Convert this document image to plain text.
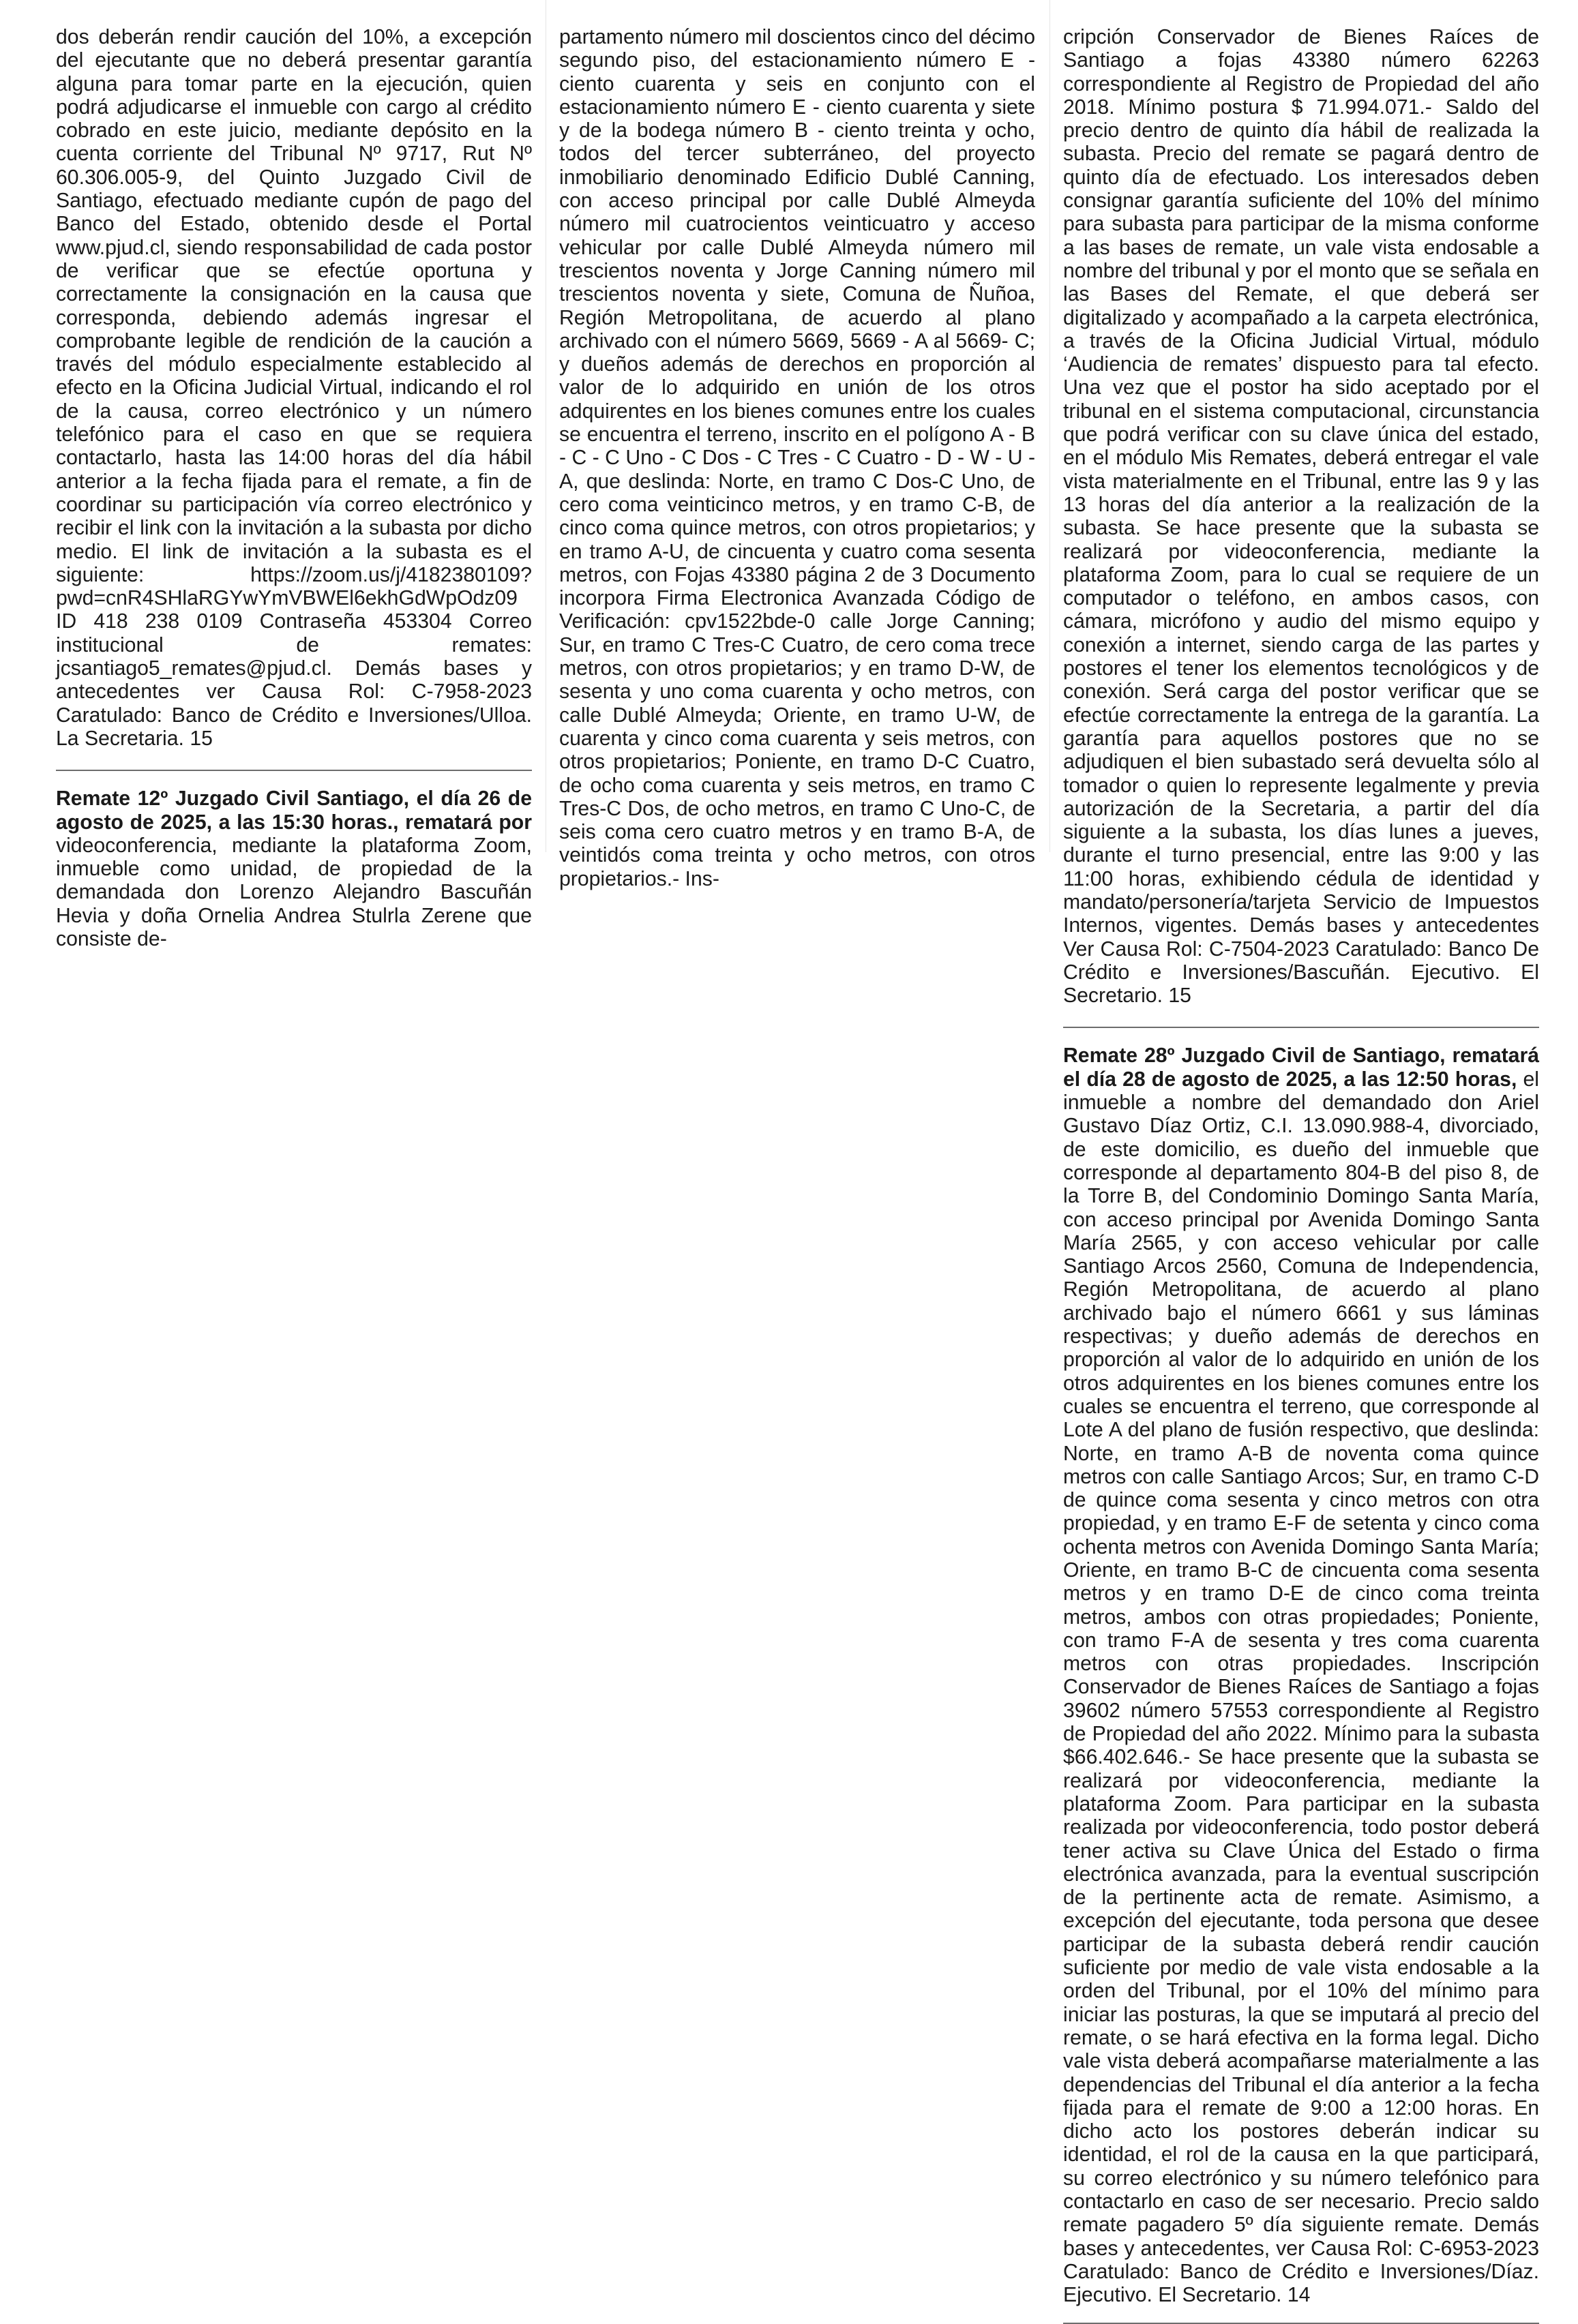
dos deberán rendir caución del 10%, a excepción del ejecutante que no deberá presentar garantía alguna para tomar parte en la ejecución, quien podrá adjudicarse el inmueble con cargo al crédito cobrado en este juicio, mediante depósito en la cuenta corriente del Tribunal Nº 9717, Rut Nº 60.306.005-9, del Quinto Juzgado Civil de Santiago, efectuado mediante cupón de pago del Banco del Estado, obtenido desde el Portal www.pjud.cl, siendo responsabilidad de cada postor de verificar que se efectúe oportuna y correctamente la consignación en la causa que corresponda, debiendo además ingresar el comprobante legible de rendición de la caución a través del módulo especialmente establecido al efecto en la Oficina Judicial Virtual, indicando el rol de la causa, correo electrónico y un número telefónico para el caso en que se requiera contactarlo, hasta las 14:00 horas del día hábil anterior a la fecha fijada para el remate, a fin de coordinar su participación vía correo electrónico y recibir el link con la invitación a la subasta por dicho medio. El link de invitación a la subasta es el siguiente: https://zoom.us/j/4182380109?pwd=cnR4SHlaRGYwYmVBWEl6ekhGdWpOdz09 ID 418 238 0109 Contraseña 453304 Correo institucional de remates: jcsantiago5_remates@pjud.cl. Demás bases y antecedentes ver Causa Rol: C-7958-2023 Caratulado: Banco de Crédito e Inversiones/Ulloa. La Secretaria. 15

Remate 12º Juzgado Civil Santiago, el día 26 de agosto de 2025, a las 15:30 horas., rematará por videoconferencia, mediante la plataforma Zoom, inmueble como unidad, de propiedad de la demandada don Lorenzo Alejandro Bascuñán Hevia y doña Ornelia Andrea Stulrla Zerene que consiste de-

partamento número mil doscientos cinco del décimo segundo piso, del estacionamiento número E - ciento cuarenta y seis en conjunto con el estacionamiento número E - ciento cuarenta y siete y de la bodega número B - ciento treinta y ocho, todos del tercer subterráneo, del proyecto inmobiliario denominado Edificio Dublé Canning, con acceso principal por calle Dublé Almeyda número mil cuatrocientos veinticuatro y acceso vehicular por calle Dublé Almeyda número mil trescientos noventa y Jorge Canning número mil trescientos noventa y siete, Comuna de Ñuñoa, Región Metropolitana, de acuerdo al plano archivado con el número 5669, 5669 - A al 5669- C; y dueños además de derechos en proporción al valor de lo adquirido en unión de los otros adquirentes en los bienes comunes entre los cuales se encuentra el terreno, inscrito en el polígono A - B - C - C Uno - C Dos - C Tres - C Cuatro - D - W - U - A, que deslinda: Norte, en tramo C Dos-C Uno, de cero coma veinticinco metros, y en tramo C-B, de cinco coma quince metros, con otros propietarios; y en tramo A-U, de cincuenta y cuatro coma sesenta metros, con Fojas 43380 página 2 de 3 Documento incorpora Firma Electronica Avanzada Código de Verificación: cpv1522bde-0 calle Jorge Canning; Sur, en tramo C Tres-C Cuatro, de cero coma trece metros, con otros propietarios; y en tramo D-W, de sesenta y uno coma cuarenta y ocho metros, con calle Dublé Almeyda; Oriente, en tramo U-W, de cuarenta y cinco coma cuarenta y seis metros, con otros propietarios; Poniente, en tramo D-C Cuatro, de ocho coma cuarenta y seis metros, en tramo C Tres-C Dos, de ocho metros, en tramo C Uno-C, de seis coma cero cuatro metros y en tramo B-A, de veintidós coma treinta y ocho metros, con otros propietarios.- Ins-

cripción Conservador de Bienes Raíces de Santiago a fojas 43380 número 62263 correspondiente al Registro de Propiedad del año 2018. Mínimo postura $ 71.994.071.- Saldo del precio dentro de quinto día hábil de realizada la subasta. Precio del remate se pagará dentro de quinto día de efectuado. Los interesados deben consignar garantía suficiente del 10% del mínimo para subasta para participar de la misma conforme a las bases de remate, un vale vista endosable a nombre del tribunal y por el monto que se señala en las Bases del Remate, el que deberá ser digitalizado y acompañado a la carpeta electrónica, a través de la Oficina Judicial Virtual, módulo ‘Audiencia de remates’ dispuesto para tal efecto. Una vez que el postor ha sido aceptado por el tribunal en el sistema computacional, circunstancia que podrá verificar con su clave única del estado, en el módulo Mis Remates, deberá entregar el vale vista materialmente en el Tribunal, entre las 9 y las 13 horas del día anterior a la realización de la subasta. Se hace presente que la subasta se realizará por videoconferencia, mediante la plataforma Zoom, para lo cual se requiere de un computador o teléfono, en ambos casos, con cámara, micrófono y audio del mismo equipo y conexión a internet, siendo carga de las partes y postores el tener los elementos tecnológicos y de conexión. Será carga del postor verificar que se efectúe correctamente la entrega de la garantía. La garantía para aquellos postores que no se adjudiquen el bien subastado será devuelta sólo al tomador o quien lo represente legalmente y previa autorización de la Secretaria, a partir del día siguiente a la subasta, los días lunes a jueves, durante el turno presencial, entre las 9:00 y las 11:00 horas, exhibiendo cédula de identidad y mandato/personería/tarjeta Servicio de Impuestos Internos, vigentes. Demás bases y antecedentes Ver Causa Rol: C-7504-2023 Caratulado: Banco De Crédito e Inversiones/Bascuñán. Ejecutivo. El Secretario. 15

Remate 28º Juzgado Civil de Santiago, rematará el día 28 de agosto de 2025, a las 12:50 horas, el inmueble a nombre del demandado don Ariel Gustavo Díaz Ortiz, C.I. 13.090.988-4, divorciado, de este domicilio, es dueño del inmueble que corresponde al departamento 804-B del piso 8, de la Torre B, del Condominio Domingo Santa María, con acceso principal por Avenida Domingo Santa María 2565, y con acceso vehicular por calle Santiago Arcos 2560, Comuna de Independencia, Región Metropolitana, de acuerdo al plano archivado bajo el número 6661 y sus láminas respectivas; y dueño además de derechos en proporción al valor de lo adquirido en unión de los otros adquirentes en los bienes comunes entre los cuales se encuentra el terreno, que corresponde al Lote A del plano de fusión respectivo, que deslinda: Norte, en tramo A-B de noventa coma quince metros con calle Santiago Arcos; Sur, en tramo C-D de quince coma sesenta y cinco metros con otra propiedad, y en tramo E-F de setenta y cinco coma ochenta metros con Avenida Domingo Santa María; Oriente, en tramo B-C de cincuenta coma sesenta metros y en tramo D-E de cinco coma treinta metros, ambos con otras propiedades; Poniente, con tramo F-A de sesenta y tres coma cuarenta metros con otras propiedades. Inscripción Conservador de Bienes Raíces de Santiago a fojas 39602 número 57553 correspondiente al Registro de Propiedad del año 2022. Mínimo para la subasta $66.402.646.- Se hace presente que la subasta se realizará por videoconferencia, mediante la plataforma Zoom. Para participar en la subasta realizada por videoconferencia, todo postor deberá tener activa su Clave Única del Estado o firma electrónica avanzada, para la eventual suscripción de la pertinente acta de remate. Asimismo, a excepción del ejecutante, toda persona que desee participar de la subasta deberá rendir caución suficiente por medio de vale vista endosable a la orden del Tribunal, por el 10% del mínimo para iniciar las posturas, la que se imputará al precio del remate, o se hará efectiva en la forma legal. Dicho vale vista deberá acompañarse materialmente a las dependencias del Tribunal el día anterior a la fecha fijada para el remate de 9:00 a 12:00 horas. En dicho acto los postores deberán indicar su identidad, el rol de la causa en la que participará, su correo electrónico y su número telefónico para contactarlo en caso de ser necesario. Precio saldo remate pagadero 5º día siguiente remate. Demás bases y antecedentes, ver Causa Rol: C-6953-2023 Caratulado: Banco de Crédito e Inversiones/Díaz. Ejecutivo. El Secretario. 14
